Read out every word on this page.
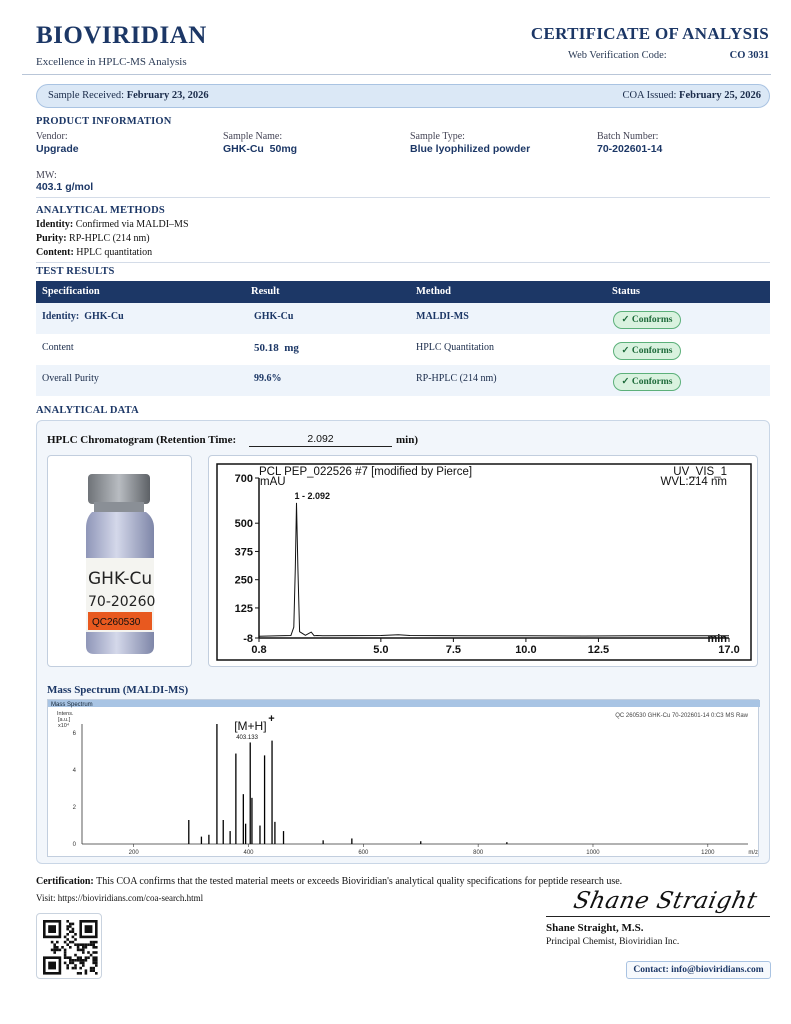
BIOVIRIDIAN
Excellence in HPLC-MS Analysis
CERTIFICATE OF ANALYSIS
Web Verification Code:	CO 3031
Sample Received: February 23, 2026	COA Issued: February 25, 2026
PRODUCT INFORMATION
Vendor:
Upgrade
Sample Name:
GHK-Cu  50mg
Sample Type:
Blue lyophilized powder
Batch Number:
70-202601-14
MW:
403.1 g/mol
ANALYTICAL METHODS
Identity: Confirmed via MALDI–MS
Purity: RP-HPLC (214 nm)
Content: HPLC quantitation
TEST RESULTS
Specification	Result	Method	Status
Identity:  GHK-Cu	GHK-Cu	MALDI-MS	✓ Conforms
Content	50.18  mg	HPLC Quantitation	✓ Conforms
Overall Purity	99.6%	RP-HPLC (214 nm)	✓ Conforms
ANALYTICAL DATA
HPLC Chromatogram (Retention Time:	2.092	min)
GHK-Cu
70-20260
QC260530
PCL PEP_022526 #7 [modified by Pierce]	UV_VIS_1
WVL:214 nm
mAU
min
700
500
375
250
125
-8
0.8	5.0	7.5	10.0	12.5	17.0
1 - 2.092
Mass Spectrum (MALDI-MS)
Mass Spectrum
QC 260530 GHK-Cu 70-202601-14 0:C3 MS Raw
Intens. [a.u.] x10⁴
m/z
6
4
2
0
200	400	600	800	1000	1200
[M+H] +
403.133
Certification: This COA confirms that the tested material meets or exceeds Bioviridian's analytical quality specifications for peptide research use.
Visit: https://bioviridians.com/coa-search.html	Shane Straight
Shane Straight, M.S.
Principal Chemist, Bioviridian Inc.
Contact: info@bioviridians.com
